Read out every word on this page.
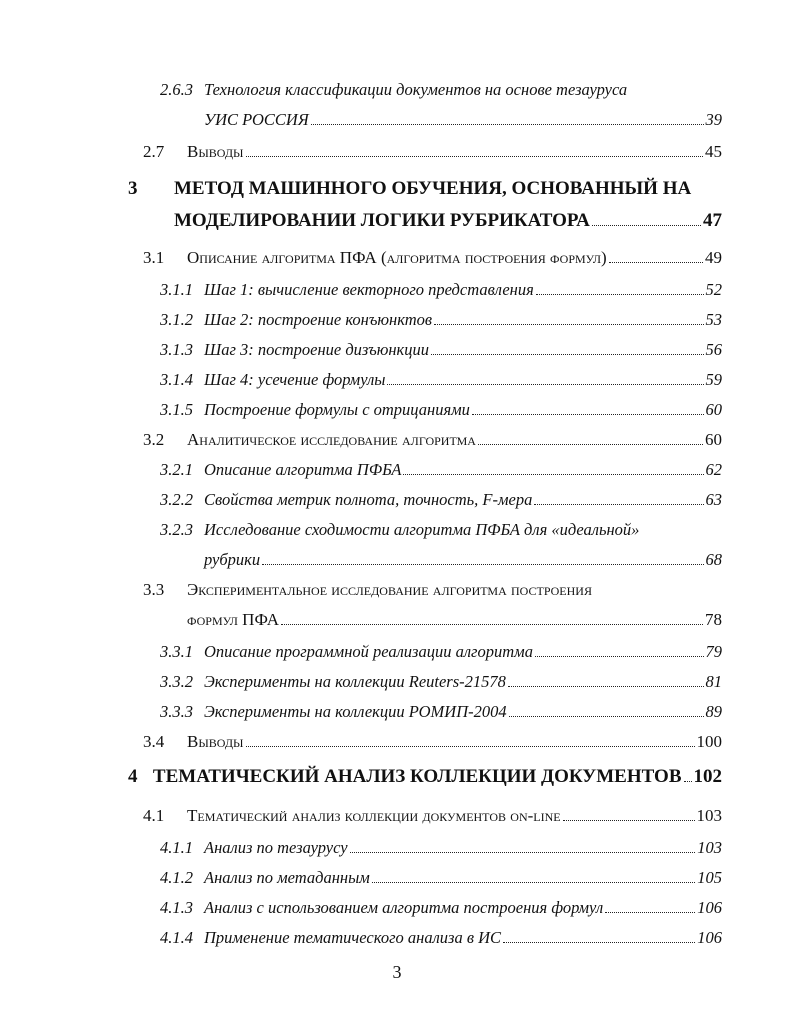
2.6.3 Технология классификации документов на основе тезауруса
УИС РОССИЯ	39
2.7	Выводы	45
3	МЕТОД МАШИННОГО ОБУЧЕНИЯ, ОСНОВАННЫЙ НА
МОДЕЛИРОВАНИИ ЛОГИКИ РУБРИКАТОРА	47
3.1	Описание алгоритма ПФА (алгоритма построения формул)	49
3.1.1 Шаг 1: вычисление векторного представления	52
3.1.2 Шаг 2: построение конъюнктов	53
3.1.3 Шаг 3: построение дизъюнкции	56
3.1.4 Шаг 4: усечение формулы	59
3.1.5 Построение формулы с отрицаниями	60
3.2	Аналитическое исследование алгоритма	60
3.2.1 Описание алгоритма ПФБА	62
3.2.2 Свойства метрик полнота, точность, F-мера	63
3.2.3 Исследование сходимости алгоритма ПФБА для «идеальной»
рубрики	68
3.3	Экспериментальное исследование алгоритма построения
формул ПФА	78
3.3.1 Описание программной реализации алгоритма	79
3.3.2 Эксперименты на коллекции Reuters-21578	81
3.3.3 Эксперименты на коллекции РОМИП-2004	89
3.4	Выводы	100
4 ТЕМАТИЧЕСКИЙ АНАЛИЗ КОЛЛЕКЦИИ ДОКУМЕНТОВ 102
4.1	Тематический анализ коллекции документов on-line	103
4.1.1 Анализ по тезаурусу	103
4.1.2 Анализ по метаданным	105
4.1.3 Анализ с использованием алгоритма построения формул	106
4.1.4 Применение тематического анализа в ИС	106
3
